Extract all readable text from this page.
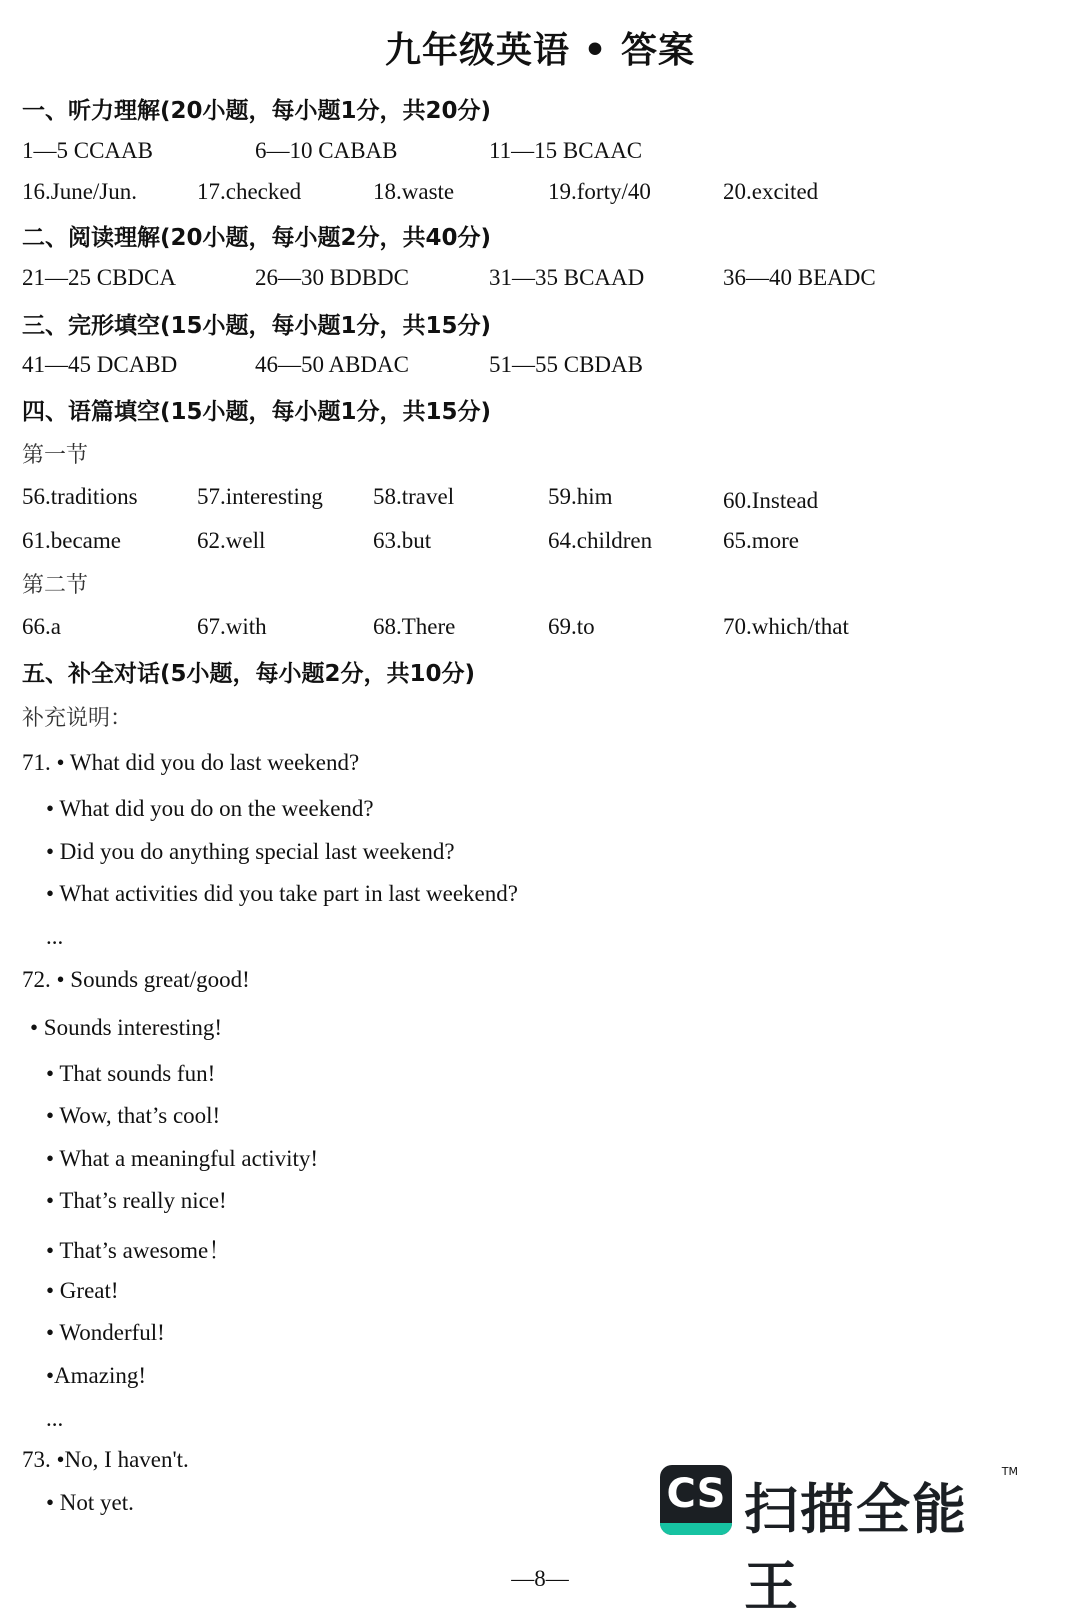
九年级英语 • 答案
一、听力理解(20小题，每小题1分，共20分)
1—5 CCAAB	6—10 CABAB	11—15 BCAAC
16.June/Jun.	17.checked	18.waste	19.forty/40	20.excited
二、阅读理解(20小题，每小题2分，共40分)
21—25 CBDCA	26—30 BDBDC	31—35 BCAAD	36—40 BEADC
三、完形填空(15小题，每小题1分，共15分)
41—45 DCABD	46—50 ABDAC	51—55 CBDAB
四、语篇填空(15小题，每小题1分，共15分)
第一节
56.traditions	57.interesting 58.travel	59.him	60.Instead
61.became	62.well	63.but	64.children	65.more
第二节
66.a	67.with	68.There	69.to	70.which/that
五、补全对话(5小题，每小题2分，共10分)
补充说明：
71. • What did you do last weekend?
• What did you do on the weekend?
• Did you do anything special last weekend?
• What activities did you take part in last weekend?
...
72. • Sounds great/good!
• Sounds interesting!
• That sounds fun!
• Wow, that’s cool!
• What a meaningful activity!
• That’s really nice!
• That’s awesome！
• Great!
• Wonderful!
•Amazing!
...
73. •No, I haven't.
• Not yet.	CS 扫描全能王
TM
—8—
